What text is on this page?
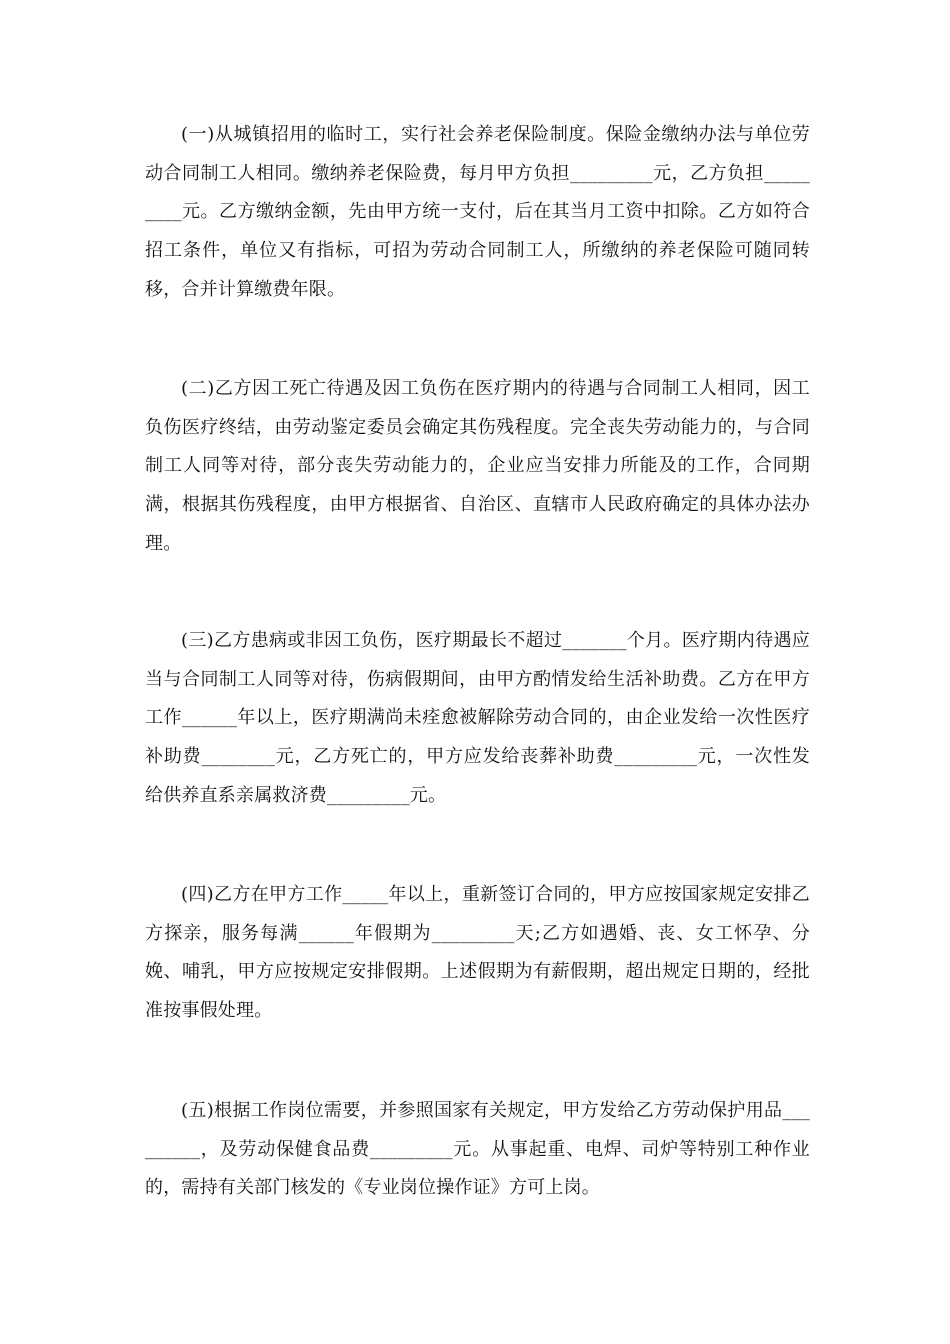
(一)从城镇招用的临时工，实行社会养老保险制度。保险金缴纳办法与单位劳动合同制工人相同。缴纳养老保险费，每月甲方负担_________元，乙方负担_________元。乙方缴纳金额，先由甲方统一支付，后在其当月工资中扣除。乙方如符合招工条件，单位又有指标，可招为劳动合同制工人，所缴纳的养老保险可随同转移，合并计算缴费年限。

(二)乙方因工死亡待遇及因工负伤在医疗期内的待遇与合同制工人相同，因工负伤医疗终结，由劳动鉴定委员会确定其伤残程度。完全丧失劳动能力的，与合同制工人同等对待，部分丧失劳动能力的，企业应当安排力所能及的工作，合同期满，根据其伤残程度，由甲方根据省、自治区、直辖市人民政府确定的具体办法办理。

(三)乙方患病或非因工负伤，医疗期最长不超过_______个月。医疗期内待遇应当与合同制工人同等对待，伤病假期间，由甲方酌情发给生活补助费。乙方在甲方工作______年以上，医疗期满尚未痊愈被解除劳动合同的，由企业发给一次性医疗补助费________元，乙方死亡的，甲方应发给丧葬补助费_________元，一次性发给供养直系亲属救济费_________元。

(四)乙方在甲方工作_____年以上，重新签订合同的，甲方应按国家规定安排乙方探亲，服务每满______年假期为_________天;乙方如遇婚、丧、女工怀孕、分娩、哺乳，甲方应按规定安排假期。上述假期为有薪假期，超出规定日期的，经批准按事假处理。

(五)根据工作岗位需要，并参照国家有关规定，甲方发给乙方劳动保护用品_________，及劳动保健食品费_________元。从事起重、电焊、司炉等特别工种作业的，需持有关部门核发的《专业岗位操作证》方可上岗。
